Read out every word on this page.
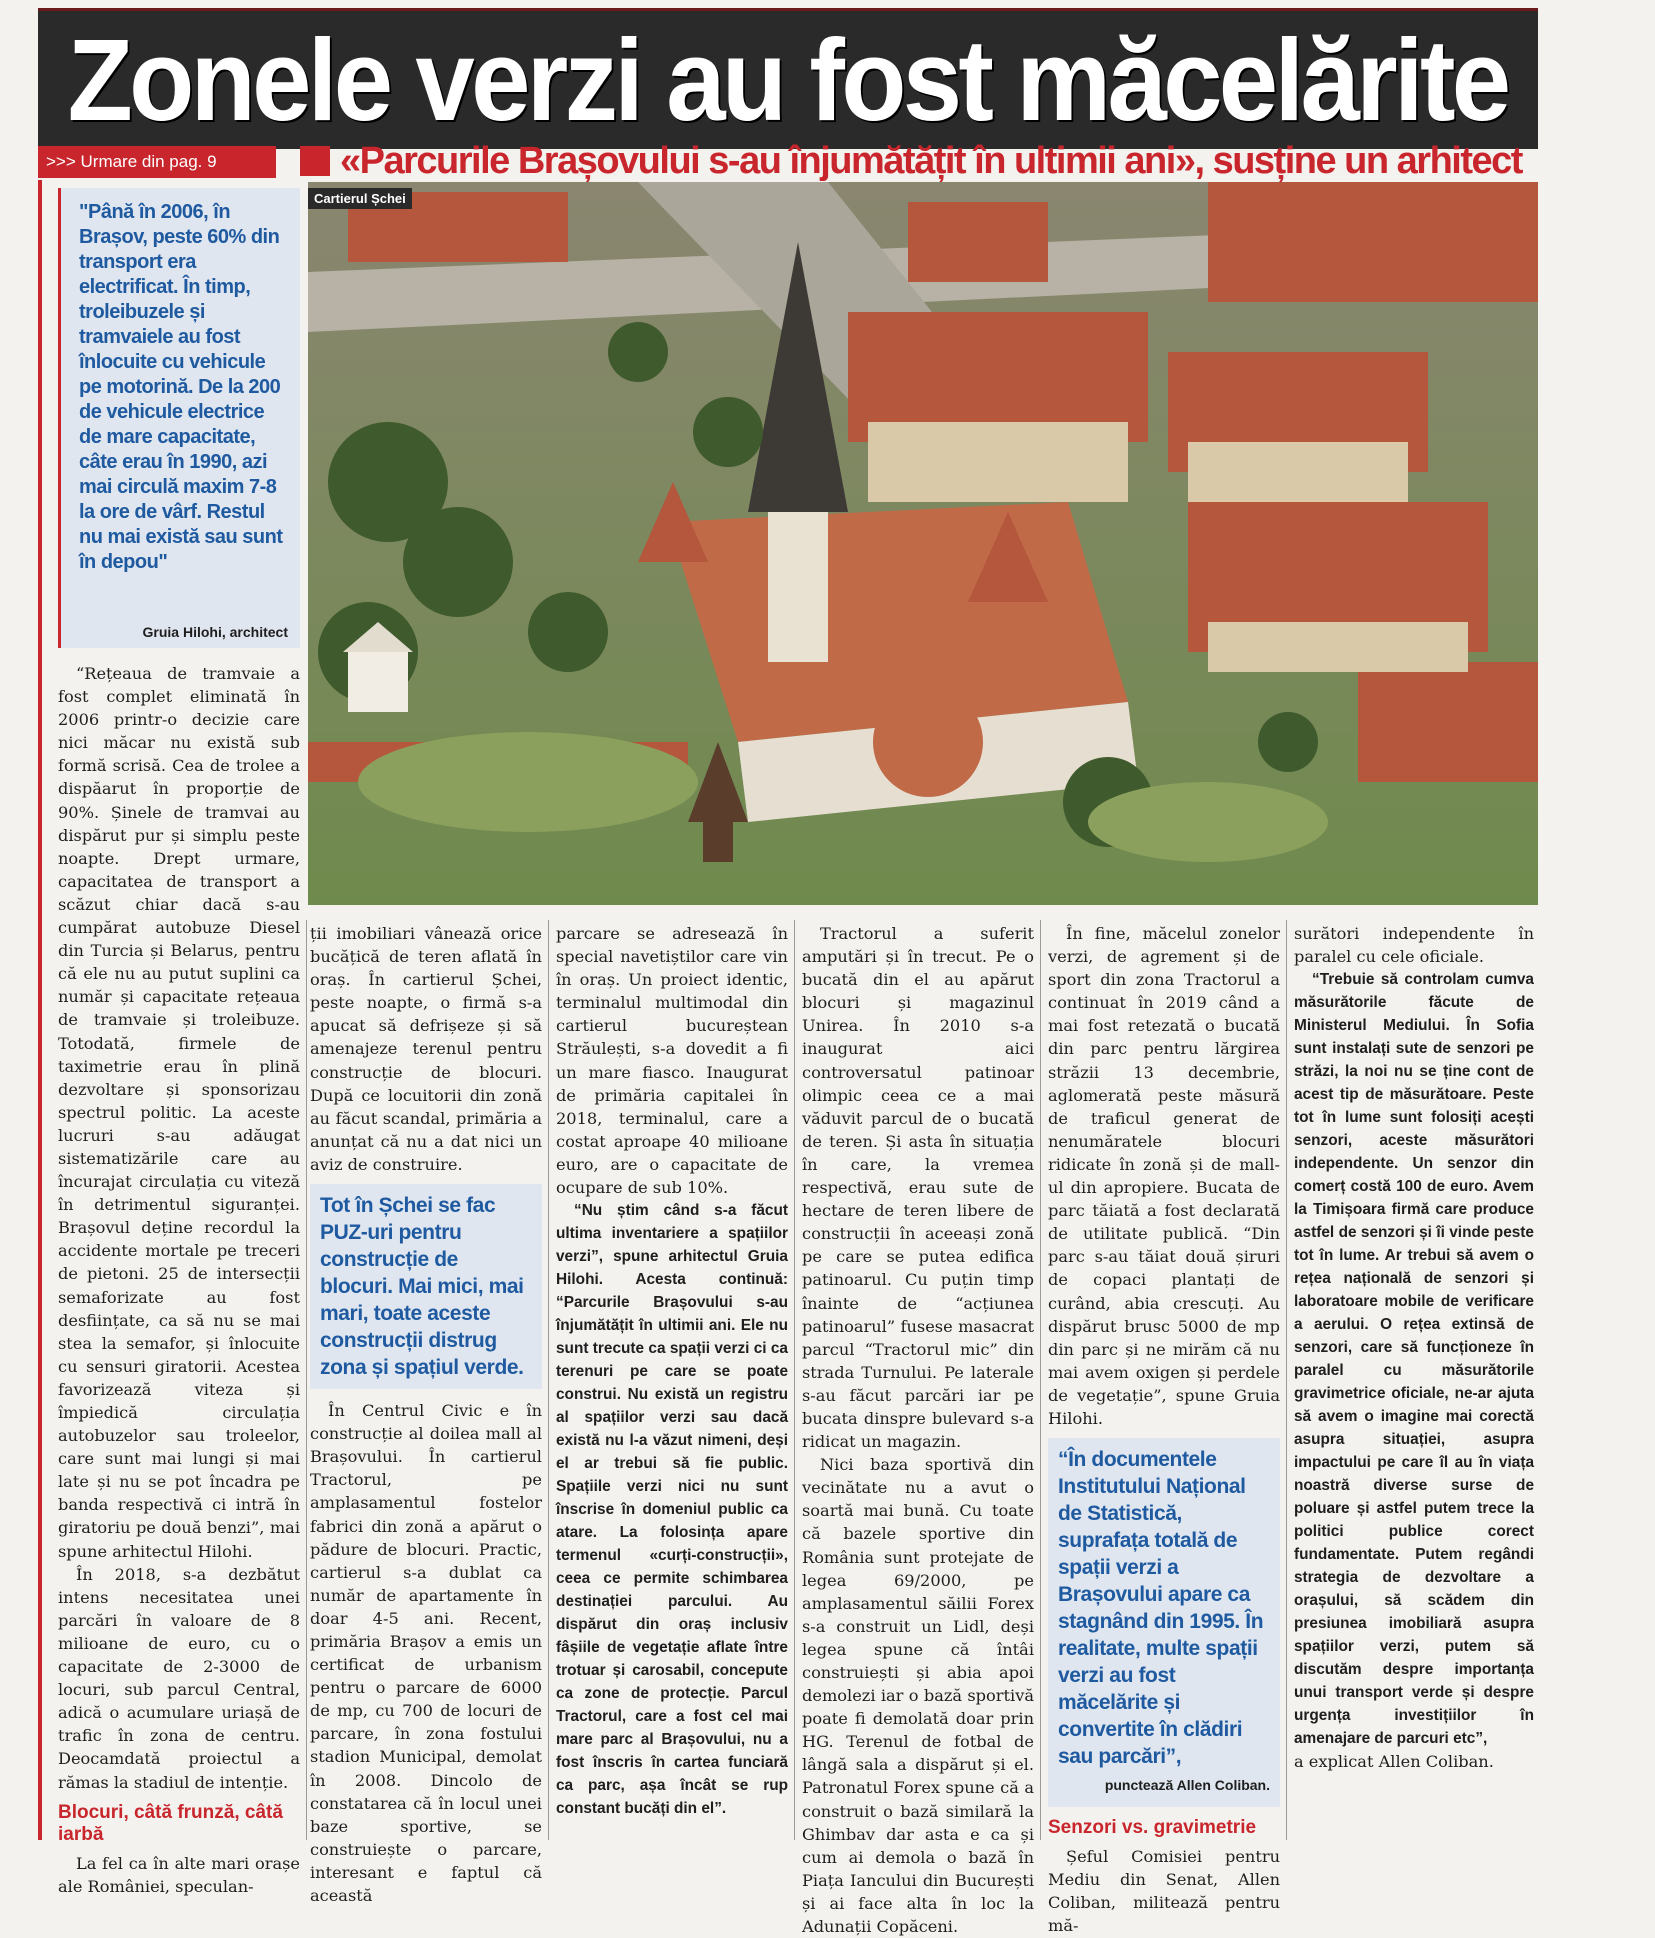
Zonele verzi au fost măcelărite
>>> Urmare din pag. 9	«Parcurile Brașovului s-au înjumătățit în ultimii ani», susține un arhitect
"Până în 2006, în Brașov, peste 60% din transport era electrificat. În timp, troleibuzele și tramvaiele au fost înlocuite cu vehicule pe motorină. De la 200 de vehicule electrice de mare capacitate, câte erau în 1990, azi mai circulă maxim 7-8 la ore de vârf. Restul nu mai există sau sunt în depou"
Gruia Hilohi, architect
Cartierul Șchei

“Rețeaua de tramvaie a fost complet eliminată în 2006 printr-o decizie care nici măcar nu există sub formă scrisă. Cea de trolee a dispăarut în proporție de 90%. Șinele de tramvai au dispărut pur și simplu peste noapte. Drept urmare, capacitatea de transport a scăzut chiar dacă s-au cumpărat autobuze Diesel din Turcia și Belarus, pentru că ele nu au putut suplini ca număr și capacitate rețeaua de tramvaie și troleibuze. Totodată, firmele de taximetrie erau în plină dezvoltare și sponsorizau spectrul politic. La aceste lucruri s-au adăugat sistematizările care au încurajat circulația cu viteză în detrimentul siguranței. Brașovul deține recordul la accidente mortale pe treceri de pietoni. 25 de intersecții semaforizate au fost desființate, ca să nu se mai stea la semafor, și înlocuite cu sensuri giratorii. Acestea favorizează viteza și împiedică circulația autobuzelor sau troleelor, care sunt mai lungi și mai late și nu se pot încadra pe banda respectivă ci intră în giratoriu pe două benzi”, mai spune arhitectul Hilohi.

În 2018, s-a dezbătut intens necesitatea unei parcări în valoare de 8 milioane de euro, cu o capacitate de 2-3000 de locuri, sub parcul Central, adică o acumulare uriașă de trafic în zona de centru. Deocamdată proiectul a rămas la stadiul de intenție.

Blocuri, câtă frunză, câtă iarbă

La fel ca în alte mari orașe ale României, speculan-

ții imobiliari vânează orice bucățică de teren aflată în oraș. În cartierul Șchei, peste noapte, o firmă s-a apucat să defrișeze și să amenajeze terenul pentru construcție de blocuri. După ce locuitorii din zonă au făcut scandal, primăria a anunțat că nu a dat nici un aviz de construire.

Tot în Șchei se fac PUZ-uri pentru construcție de blocuri. Mai mici, mai mari, toate aceste construcții distrug zona și spațiul verde.

În Centrul Civic e în construcție al doilea mall al Brașovului. În cartierul Tractorul, pe amplasamentul fostelor fabrici din zonă a apărut o pădure de blocuri. Practic, cartierul s-a dublat ca număr de apartamente în doar 4-5 ani. Recent, primăria Brașov a emis un certificat de urbanism pentru o parcare de 6000 de mp, cu 700 de locuri de parcare, în zona fostului stadion Municipal, demolat în 2008. Dincolo de constatarea că în locul unei baze sportive, se construiește o parcare, interesant e faptul că această

parcare se adresează în special navetiștilor care vin în oraș. Un proiect identic, terminalul multimodal din cartierul bucureștean Străulești, s-a dovedit a fi un mare fiasco. Inaugurat de primăria capitalei în 2018, terminalul, care a costat aproape 40 milioane euro, are o capacitate de ocupare de sub 10%.

“Nu știm când s-a făcut ultima inventariere a spațiilor verzi”, spune arhitectul Gruia Hilohi. Acesta continuă: “Parcurile Brașovului s-au înjumătățit în ultimii ani. Ele nu sunt trecute ca spații verzi ci ca terenuri pe care se poate construi. Nu există un registru al spațiilor verzi sau dacă există nu l-a văzut nimeni, deși el ar trebui să fie public. Spațiile verzi nici nu sunt înscrise în domeniul public ca atare. La folosința apare termenul «curți-construcții», ceea ce permite schimbarea destinației parcului. Au dispărut din oraș inclusiv fâșiile de vegetație aflate între trotuar și carosabil, concepute ca zone de protecție. Parcul Tractorul, care a fost cel mai mare parc al Brașovului, nu a fost înscris în cartea funciară ca parc, așa încât se rup constant bucăți din el”.

Tractorul a suferit amputări și în trecut. Pe o bucată din el au apărut blocuri și magazinul Unirea. În 2010 s-a inaugurat aici controversatul patinoar olimpic ceea ce a mai văduvit parcul de o bucată de teren. Și asta în situația în care, la vremea respectivă, erau sute de hectare de teren libere de construcții în aceeași zonă pe care se putea edifica patinoarul. Cu puțin timp înainte de “acțiunea patinoarul” fusese masacrat parcul “Tractorul mic” din strada Turnului. Pe laterale s-au făcut parcări iar pe bucata dinspre bulevard s-a ridicat un magazin.

Nici baza sportivă din vecinătate nu a avut o soartă mai bună. Cu toate că bazele sportive din România sunt protejate de legea 69/2000, pe amplasamentul săilii Forex s-a construit un Lidl, deși legea spune că întâi construiești și abia apoi demolezi iar o bază sportivă poate fi demolată doar prin HG. Terenul de fotbal de lângă sala a dispărut și el. Patronatul Forex spune că a construit o bază similară la Ghimbav dar asta e ca și cum ai demola o bază în Piața Iancului din București și ai face alta în loc la Adunații Copăceni.

În fine, măcelul zonelor verzi, de agrement și de sport din zona Tractorul a continuat în 2019 când a mai fost retezată o bucată din parc pentru lărgirea străzii 13 decembrie, aglomerată peste măsură de traficul generat de nenumăratele blocuri ridicate în zonă și de mall-ul din apropiere. Bucata de parc tăiată a fost declarată de utilitate publică. “Din parc s-au tăiat două șiruri de copaci plantați de curând, abia crescuți. Au dispărut brusc 5000 de mp din parc și ne mirăm că nu mai avem oxigen și perdele de vegetație”, spune Gruia Hilohi.

“În documentele Institutului Național de Statistică, suprafața totală de spații verzi a Brașovului apare ca stagnând din 1995. În realitate, multe spații verzi au fost măcelărite și convertite în clădiri sau parcări”,
punctează Allen Coliban.
Senzori vs. gravimetrie

Șeful Comisiei pentru Mediu din Senat, Allen Coliban, militează pentru mă-

surători independente în paralel cu cele oficiale.

“Trebuie să controlam cumva măsurătorile făcute de Ministerul Mediului. În Sofia sunt instalați sute de senzori pe străzi, la noi nu se ține cont de acest tip de măsurătoare. Peste tot în lume sunt folosiți acești senzori, aceste măsurători independente. Un senzor din comerț costă 100 de euro. Avem la Timișoara firmă care produce astfel de senzori și îi vinde peste tot în lume. Ar trebui să avem o rețea națională de senzori și laboratoare mobile de verificare a aerului. O rețea extinsă de senzori, care să funcționeze în paralel cu măsurătorile gravimetrice oficiale, ne-ar ajuta să avem o imagine mai corectă asupra situației, asupra impactului pe care îl au în viața noastră diverse surse de poluare și astfel putem trece la politici publice corect fundamentate. Putem regândi strategia de dezvoltare a orașului, să scădem din presiunea imobiliară asupra spațiilor verzi, putem să discutăm despre importanța unui transport verde și despre urgența investițiilor în amenajare de parcuri etc”,

a explicat Allen Coliban.
